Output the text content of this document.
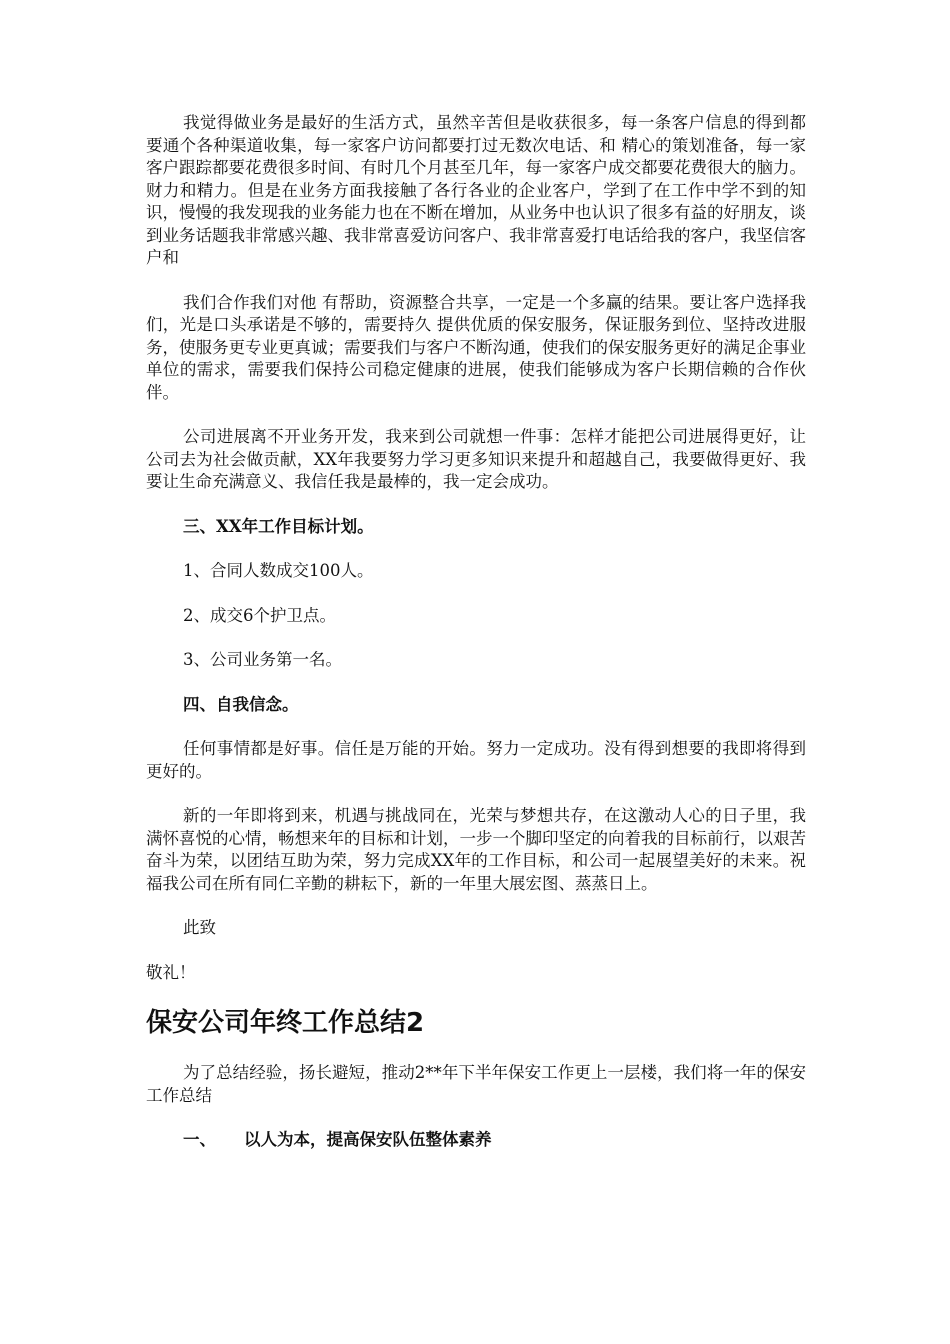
我觉得做业务是最好的生活方式，虽然辛苦但是收获很多，每一条客户信息的得到都要通个各种渠道收集，每一家客户访问都要打过无数次电话、和 精心的策划准备，每一家客户跟踪都要花费很多时间、有时几个月甚至几年，每一家客户成交都要花费很大的脑力。财力和精力。但是在业务方面我接触了各行各业的企业客户，学到了在工作中学不到的知识，慢慢的我发现我的业务能力也在不断在增加，从业务中也认识了很多有益的好朋友，谈到业务话题我非常感兴趣、我非常喜爱访问客户、我非常喜爱打电话给我的客户，我坚信客户和

我们合作我们对他 有帮助，资源整合共享，一定是一个多赢的结果。要让客户选择我们，光是口头承诺是不够的，需要持久 提供优质的保安服务，保证服务到位、坚持改进服务，使服务更专业更真诚；需要我们与客户不断沟通，使我们的保安服务更好的满足企事业单位的需求，需要我们保持公司稳定健康的进展，使我们能够成为客户长期信赖的合作伙伴。

公司进展离不开业务开发，我来到公司就想一件事：怎样才能把公司进展得更好，让公司去为社会做贡献，XX年我要努力学习更多知识来提升和超越自己，我要做得更好、我要让生命充满意义、我信任我是最棒的，我一定会成功。

三、XX年工作目标计划。

1、合同人数成交100人。

2、成交6个护卫点。

3、公司业务第一名。

四、自我信念。

任何事情都是好事。信任是万能的开始。努力一定成功。没有得到想要的我即将得到更好的。

新的一年即将到来，机遇与挑战同在，光荣与梦想共存，在这激动人心的日子里，我满怀喜悦的心情，畅想来年的目标和计划，一步一个脚印坚定的向着我的目标前行，以艰苦奋斗为荣，以团结互助为荣，努力完成XX年的工作目标，和公司一起展望美好的未来。祝福我公司在所有同仁辛勤的耕耘下，新的一年里大展宏图、蒸蒸日上。

此致

敬礼！

保安公司年终工作总结2

为了总结经验，扬长避短，推动2**年下半年保安工作更上一层楼，我们将一年的保安工作总结

一、 以人为本，提高保安队伍整体素养
